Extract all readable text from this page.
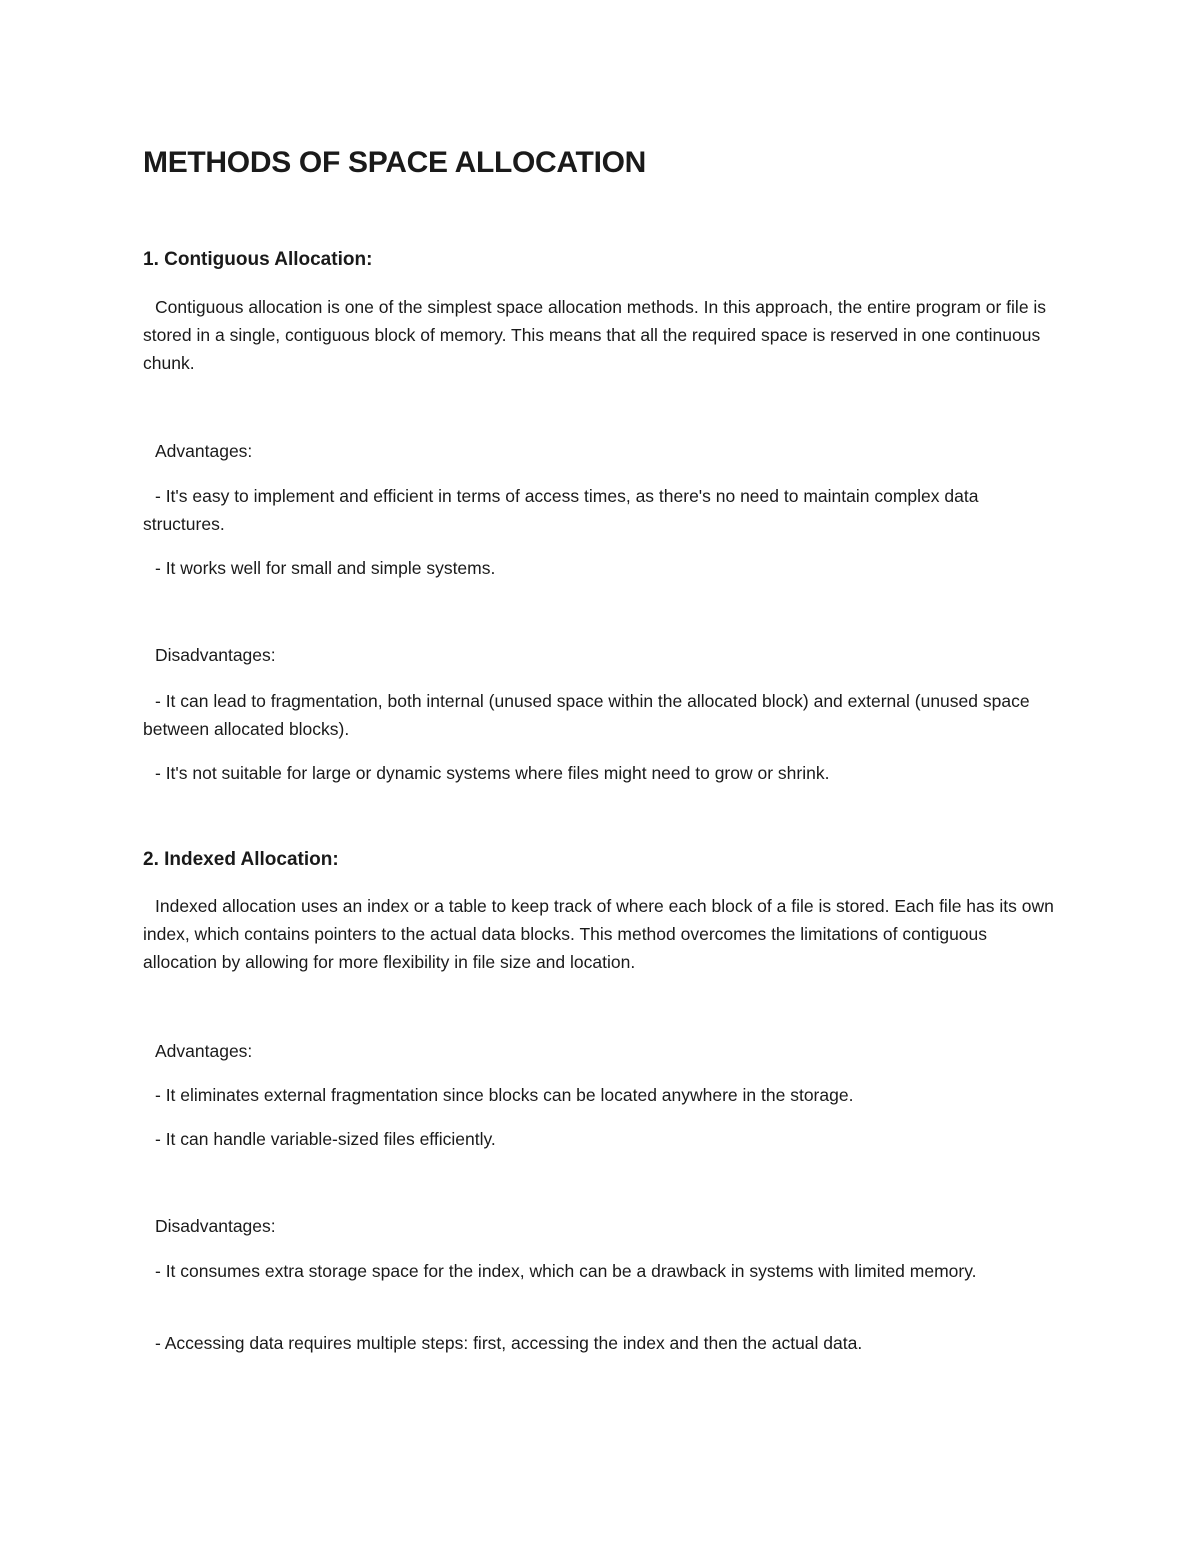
METHODS OF SPACE ALLOCATION
1. Contiguous Allocation:

Contiguous allocation is one of the simplest space allocation methods. In this approach, the entire program or file is stored in a single, contiguous block of memory. This means that all the required space is reserved in one continuous chunk.

Advantages:

- It's easy to implement and efficient in terms of access times, as there's no need to maintain complex data structures.

- It works well for small and simple systems.

Disadvantages:

- It can lead to fragmentation, both internal (unused space within the allocated block) and external (unused space between allocated blocks).

- It's not suitable for large or dynamic systems where files might need to grow or shrink.

2. Indexed Allocation:

Indexed allocation uses an index or a table to keep track of where each block of a file is stored. Each file has its own index, which contains pointers to the actual data blocks. This method overcomes the limitations of contiguous allocation by allowing for more flexibility in file size and location.

Advantages:

- It eliminates external fragmentation since blocks can be located anywhere in the storage.

- It can handle variable-sized files efficiently.

Disadvantages:

- It consumes extra storage space for the index, which can be a drawback in systems with limited memory.

- Accessing data requires multiple steps: first, accessing the index and then the actual data.
